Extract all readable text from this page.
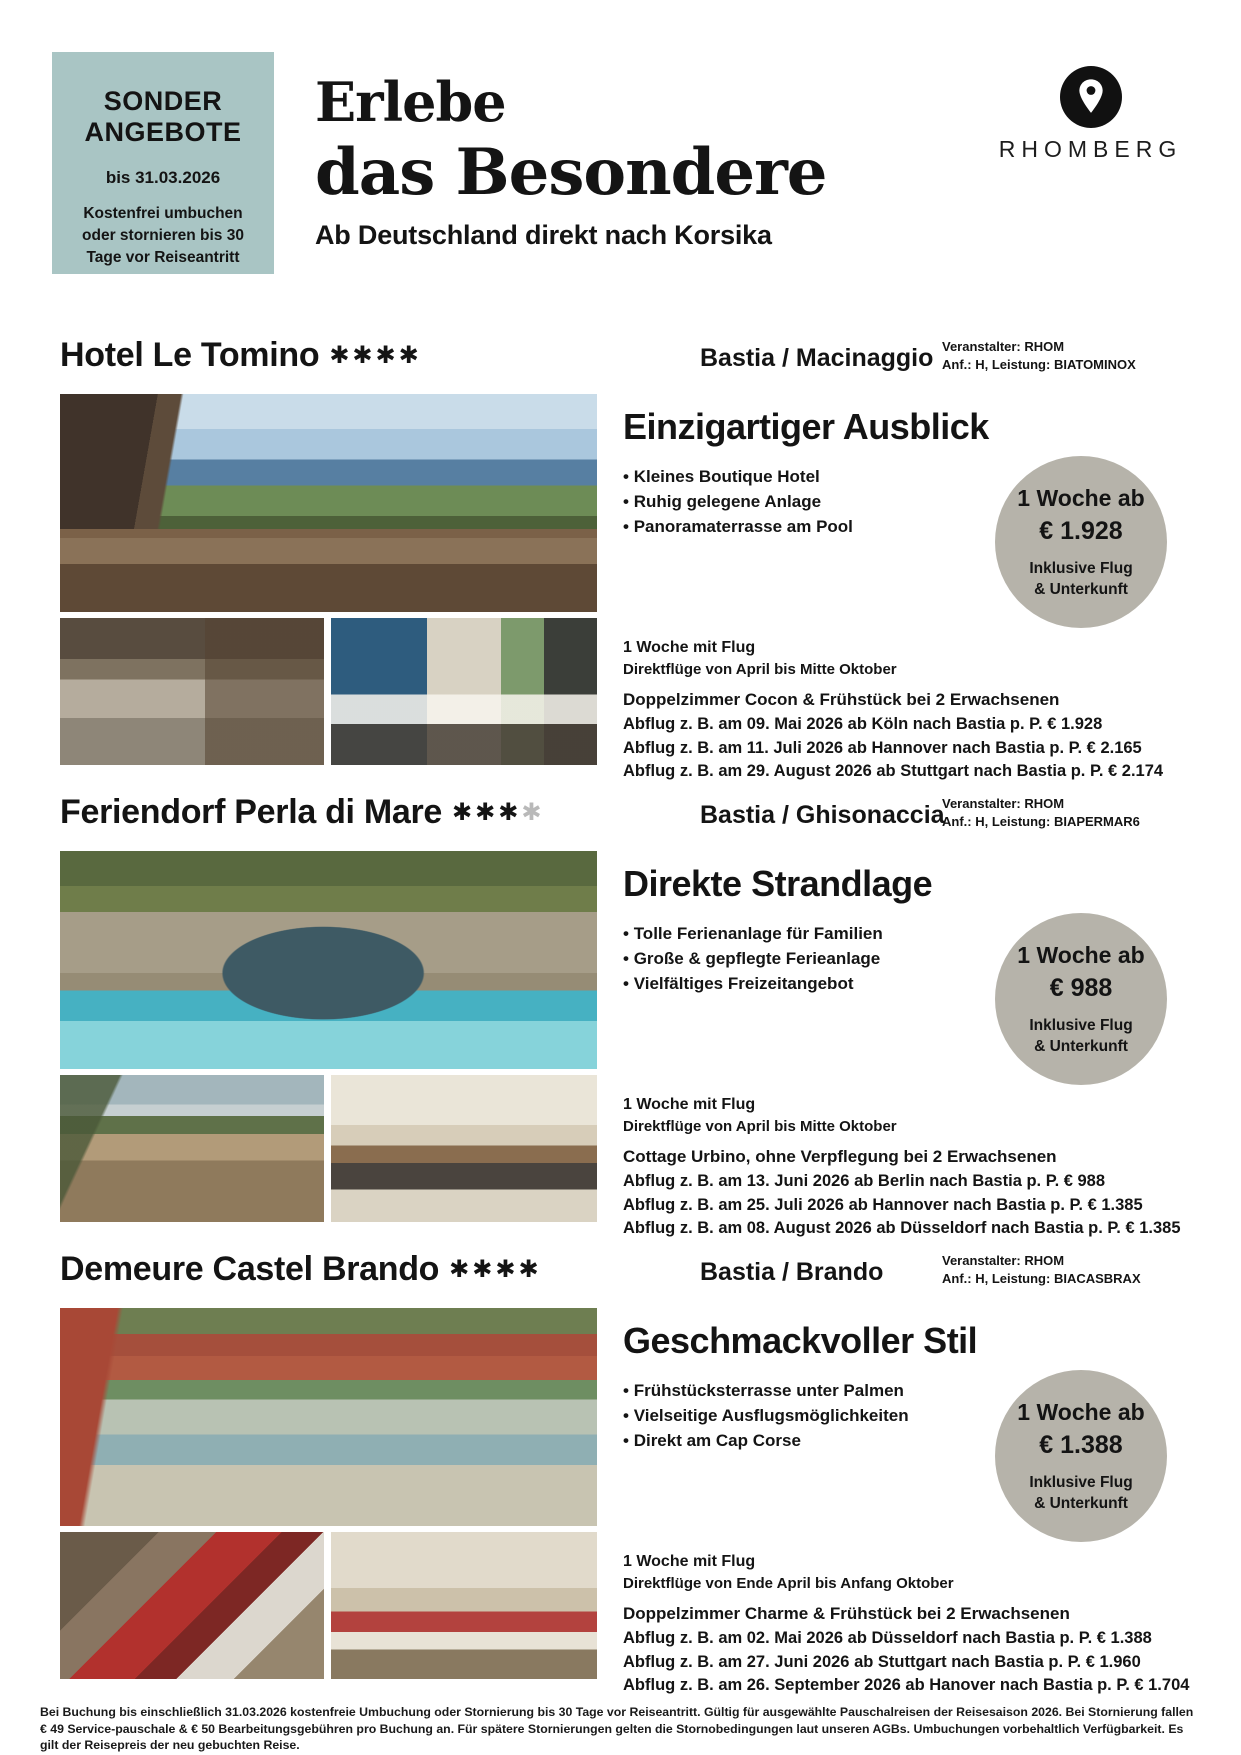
SONDER
ANGEBOTE
bis 31.03.2026
Kostenfrei umbuchen oder stornieren bis 30 Tage vor Reiseantritt
Erlebe
das Besondere
Ab Deutschland direkt nach Korsika
RHOMBERG
Hotel Le Tomino ✱✱✱✱	Bastia / Macinaggio Veranstalter: RHOM
Anf.: H, Leistung: BIATOMINOX
Einzigartiger Ausblick
• Kleines Boutique Hotel
• Ruhig gelegene Anlage
• Panoramaterrasse am Pool
1 Woche ab
€ 1.928
Inklusive Flug
& Unterkunft
1 Woche mit Flug
Direktflüge von April bis Mitte Oktober
Doppelzimmer Cocon & Frühstück bei 2 Erwachsenen
Abflug z. B. am 09. Mai 2026 ab Köln nach Bastia p. P. € 1.928
Abflug z. B. am 11. Juli 2026 ab Hannover nach Bastia p. P. € 2.165
Abflug z. B. am 29. August 2026 ab Stuttgart nach Bastia p. P. € 2.174
Feriendorf Perla di Mare ✱✱✱✱	Bastia / Ghisonaccia
Veranstalter: RHOM
Anf.: H, Leistung: BIAPERMAR6
Direkte Strandlage
• Tolle Ferienanlage für Familien
• Große & gepflegte Ferieanlage
• Vielfältiges Freizeitangebot
1 Woche ab
€ 988
Inklusive Flug
& Unterkunft
1 Woche mit Flug
Direktflüge von April bis Mitte Oktober
Cottage Urbino, ohne Verpflegung bei 2 Erwachsenen
Abflug z. B. am 13. Juni 2026 ab Berlin nach Bastia p. P. € 988
Abflug z. B. am 25. Juli 2026 ab Hannover nach Bastia p. P. € 1.385
Abflug z. B. am 08. August 2026 ab Düsseldorf nach Bastia p. P. € 1.385
Demeure Castel Brando ✱✱✱✱	Bastia / Brando	Veranstalter: RHOM
Anf.: H, Leistung: BIACASBRAX
Geschmackvoller Stil
• Frühstücksterrasse unter Palmen
• Vielseitige Ausflugsmöglichkeiten
• Direkt am Cap Corse
1 Woche ab
€ 1.388
Inklusive Flug
& Unterkunft
1 Woche mit Flug
Direktflüge von Ende April bis Anfang Oktober
Doppelzimmer Charme & Frühstück bei 2 Erwachsenen
Abflug z. B. am 02. Mai 2026 ab Düsseldorf nach Bastia p. P. € 1.388
Abflug z. B. am 27. Juni 2026 ab Stuttgart nach Bastia p. P. € 1.960
Abflug z. B. am 26. September 2026 ab Hanover nach Bastia p. P. € 1.704
Bei Buchung bis einschließlich 31.03.2026 kostenfreie Umbuchung oder Stornierung bis 30 Tage vor Reiseantritt. Gültig für ausgewählte Pauschalreisen der Reisesaison 2026. Bei Stornierung fallen € 49 Service-pauschale & € 50 Bearbeitungsgebühren pro Buchung an. Für spätere Stornierungen gelten die Stornobedingungen laut unseren AGBs. Umbuchungen vorbehaltlich Verfügbarkeit. Es gilt der Reisepreis der neu gebuchten Reise.
